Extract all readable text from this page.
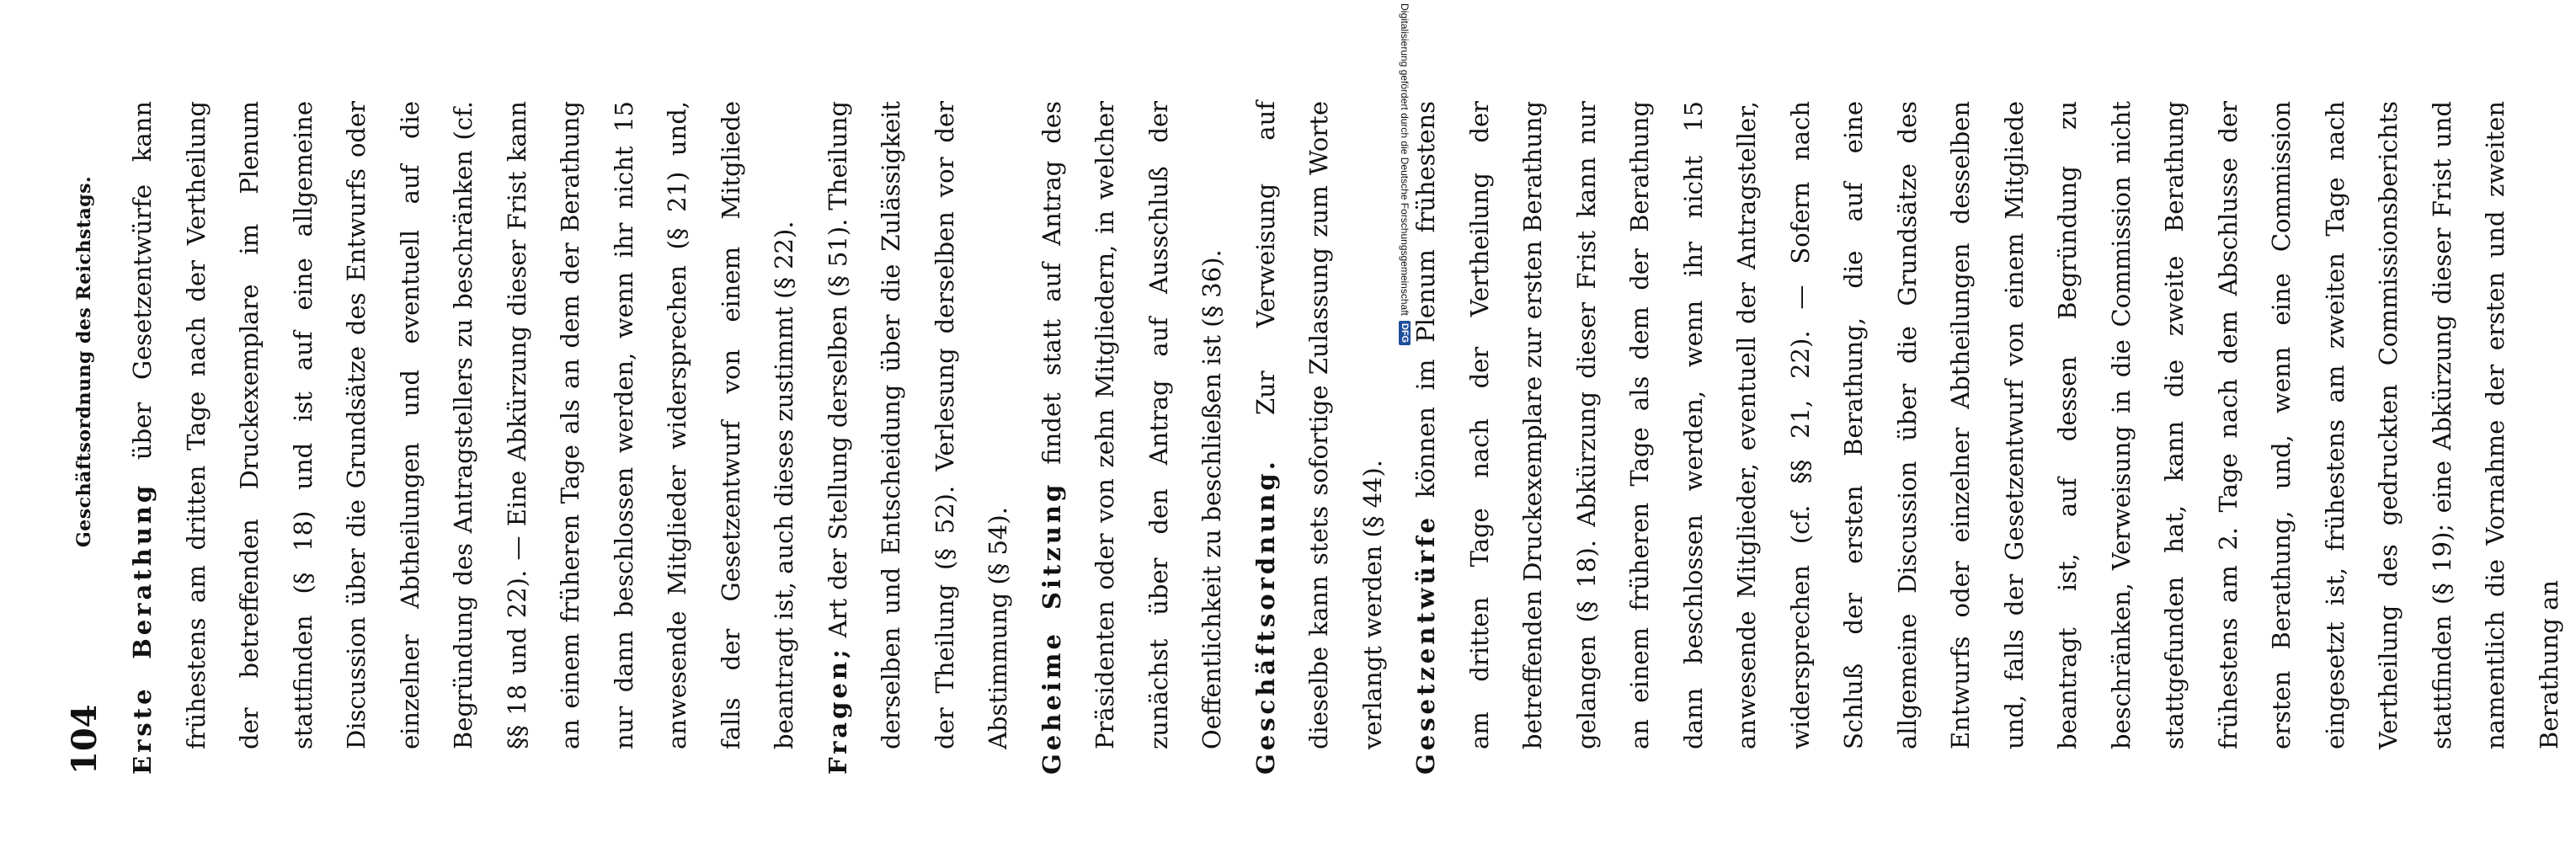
104
Geschäftsordnung des Reichstags.

Erste Berathung über Gesetzentwürfe kann frühestens am dritten Tage nach der Vertheilung der betreffenden Druckexemplare im Plenum stattfinden (§ 18) und ist auf eine allgemeine Discussion über die Grundsätze des Entwurfs oder einzelner Abtheilungen und eventuell auf die Begründung des Antragstellers zu beschränken (cf. §§ 18 und 22). — Eine Abkürzung dieser Frist kann an einem früheren Tage als an dem der Berathung nur dann beschlossen werden, wenn ihr nicht 15 anwesende Mitglieder widersprechen (§ 21) und, falls der Gesetzentwurf von einem Mitgliede beantragt ist, auch dieses zustimmt (§ 22).	Fragen; Art der Stellung derselben (§ 51). Theilung derselben und Entscheidung über die Zulässigkeit der Theilung (§ 52). Verlesung derselben vor der Abstimmung (§ 54).	Geheime Sitzung findet statt auf Antrag des Präsidenten oder von zehn Mitgliedern, in welcher zunächst über den Antrag auf Ausschluß der Oeffentlichkeit zu beschließen ist (§ 36).	Geschäftsordnung. Zur Verweisung auf dieselbe kann stets sofortige Zulassung zum Worte verlangt werden (§ 44).	Gesetzentwürfe können im Plenum frühestens am dritten Tage nach der Vertheilung der betreffenden Druckexemplare zur ersten Berathung gelangen (§ 18). Abkürzung dieser Frist kann nur an einem früheren Tage als dem der Berathung dann beschlossen werden, wenn ihr nicht 15 anwesende Mitglieder, eventuell der Antragsteller, widersprechen (cf. §§ 21, 22). — Sofern nach Schluß der ersten Berathung, die auf eine allgemeine Discussion über die Grundsätze des Entwurfs oder einzelner Abtheilungen desselben und, falls der Gesetzentwurf von einem Mitgliede beantragt ist, auf dessen Begründung zu beschränken, Verweisung in die Commission nicht stattgefunden hat, kann die zweite Berathung frühestens am 2. Tage nach dem Abschlusse der ersten Berathung, und, wenn eine Commission eingesetzt ist, frühestens am zweiten Tage nach Vertheilung des gedruckten Commissionsberichts stattfinden (§ 19); eine Abkürzung dieser Frist und namentlich die Vornahme der ersten und zweiten Berathung an

Digitalisierung gefördert durch die Deutsche Forschungsgemeinschaft
DFG
